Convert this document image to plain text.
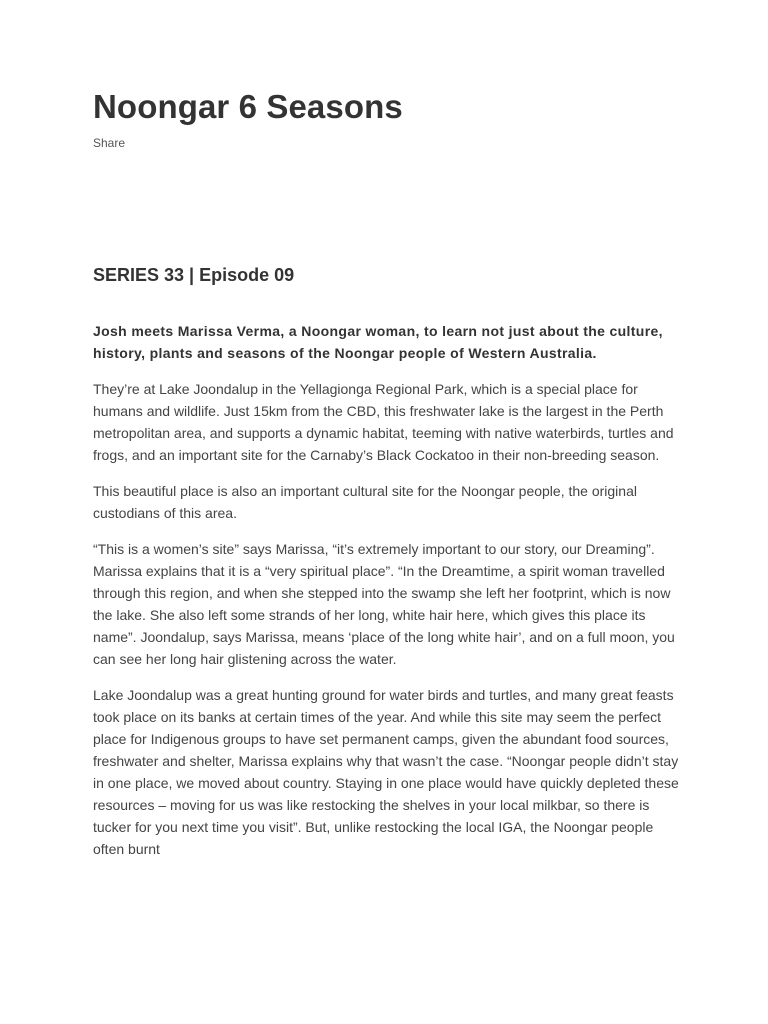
Noongar 6 Seasons
Share
SERIES 33 | Episode 09

Josh meets Marissa Verma, a Noongar woman, to learn not just about the culture, history, plants and seasons of the Noongar people of Western Australia.

They’re at Lake Joondalup in the Yellagionga Regional Park, which is a special place for humans and wildlife. Just 15km from the CBD, this freshwater lake is the largest in the Perth metropolitan area, and supports a dynamic habitat, teeming with native waterbirds, turtles and frogs, and an important site for the Carnaby’s Black Cockatoo in their non-breeding season.

This beautiful place is also an important cultural site for the Noongar people, the original custodians of this area.

“This is a women’s site” says Marissa, “it’s extremely important to our story, our Dreaming”. Marissa explains that it is a “very spiritual place”. “In the Dreamtime, a spirit woman travelled through this region, and when she stepped into the swamp she left her footprint, which is now the lake. She also left some strands of her long, white hair here, which gives this place its name”. Joondalup, says Marissa, means ‘place of the long white hair’, and on a full moon, you can see her long hair glistening across the water.

Lake Joondalup was a great hunting ground for water birds and turtles, and many great feasts took place on its banks at certain times of the year. And while this site may seem the perfect place for Indigenous groups to have set permanent camps, given the abundant food sources, freshwater and shelter, Marissa explains why that wasn’t the case. “Noongar people didn’t stay in one place, we moved about country. Staying in one place would have quickly depleted these resources – moving for us was like restocking the shelves in your local milkbar, so there is tucker for you next time you visit”. But, unlike restocking the local IGA, the Noongar people often burnt
